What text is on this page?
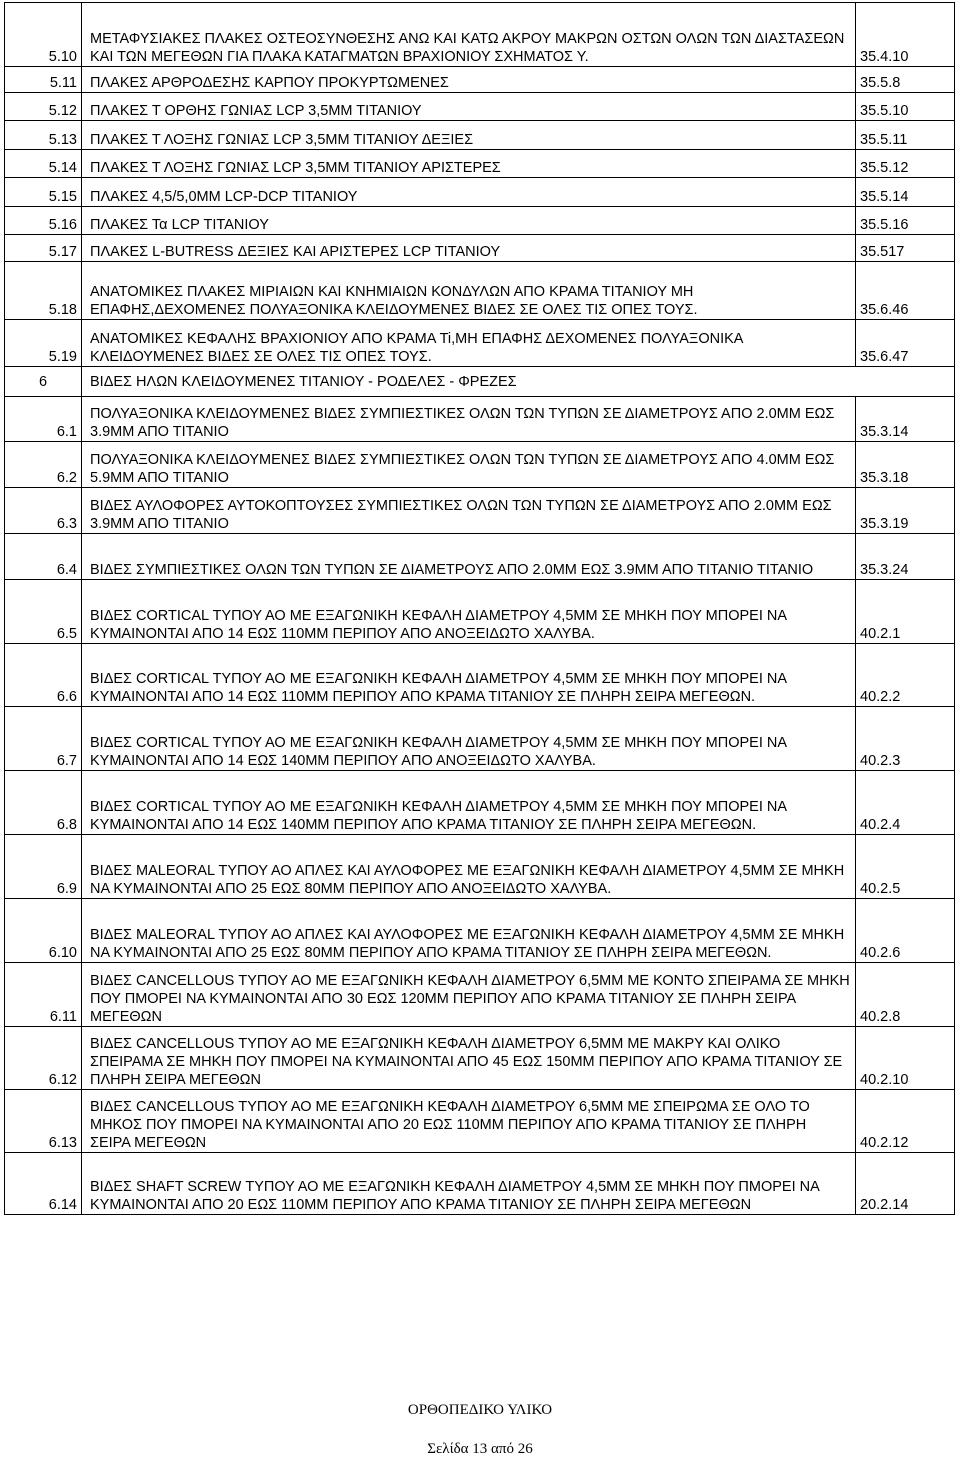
5.10	ΜΕΤΑΦΥΣΙΑΚΕΣ ΠΛΑΚΕΣ ΟΣΤΕΟΣΥΝΘΕΣΗΣ ΑΝΩ ΚΑΙ ΚΑΤΩ ΑΚΡΟΥ ΜΑΚΡΩΝ ΟΣΤΩΝ ΟΛΩΝ ΤΩΝ ΔΙΑΣΤΑΣΕΩΝ ΚΑΙ ΤΩΝ ΜΕΓΕΘΩΝ ΓΙΑ ΠΛΑΚΑ ΚΑΤΑΓΜΑΤΩΝ ΒΡΑΧΙΟΝΙΟΥ ΣΧΗΜΑΤΟΣ Υ.	35.4.10
5.11	ΠΛΑΚΕΣ ΑΡΘΡΟΔΕΣΗΣ ΚΑΡΠΟΥ ΠΡΟΚΥΡΤΩΜΕΝΕΣ	35.5.8
5.12	ΠΛΑΚΕΣ Τ ΟΡΘΗΣ ΓΩΝΙΑΣ LCP 3,5ΜΜ ΤΙΤΑΝΙΟΥ	35.5.10
5.13	ΠΛΑΚΕΣ Τ ΛΟΞΗΣ ΓΩΝΙΑΣ LCP 3,5ΜΜ ΤΙΤΑΝΙΟΥ ΔΕΞΙΕΣ	35.5.11
5.14	ΠΛΑΚΕΣ Τ ΛΟΞΗΣ ΓΩΝΙΑΣ LCP 3,5ΜΜ ΤΙΤΑΝΙΟΥ ΑΡΙΣΤΕΡΕΣ	35.5.12
5.15	ΠΛΑΚΕΣ 4,5/5,0ΜΜ LCP-DCP ΤΙΤΑΝΙΟΥ	35.5.14
5.16	ΠΛΑΚΕΣ Τα LCP ΤΙΤΑΝΙΟΥ	35.5.16
5.17	ΠΛΑΚΕΣ L-BUTRESS ΔΕΞΙΕΣ ΚΑΙ ΑΡΙΣΤΕΡΕΣ LCP ΤΙΤΑΝΙΟΥ	35.517
5.18	ΑΝΑΤΟΜΙΚΕΣ ΠΛΑΚΕΣ ΜΙΡΙΑΙΩΝ ΚΑΙ ΚΝΗΜΙΑΙΩΝ ΚΟΝΔΥΛΩΝ ΑΠΟ ΚΡΑΜΑ ΤΙΤΑΝΙΟΥ ΜΗ ΕΠΑΦΗΣ,ΔΕΧΟΜΕΝΕΣ ΠΟΛΥΑΞΟΝΙΚΑ ΚΛΕΙΔΟΥΜΕΝΕΣ ΒΙΔΕΣ ΣΕ ΟΛΕΣ ΤΙΣ ΟΠΕΣ ΤΟΥΣ.	35.6.46
5.19	ΑΝΑΤΟΜΙΚΕΣ ΚΕΦΑΛΗΣ ΒΡΑΧΙΟΝΙΟΥ ΑΠΟ ΚΡΑΜΑ Ti,ΜΗ ΕΠΑΦΗΣ ΔΕΧΟΜΕΝΕΣ ΠΟΛΥΑΞΟΝΙΚΑ ΚΛΕΙΔΟΥΜΕΝΕΣ ΒΙΔΕΣ ΣΕ ΟΛΕΣ ΤΙΣ ΟΠΕΣ ΤΟΥΣ.	35.6.47
6	ΒΙΔΕΣ ΗΛΩΝ ΚΛΕΙΔΟΥΜΕΝΕΣ ΤΙΤΑΝΙΟΥ - ΡΟΔΕΛΕΣ - ΦΡΕΖΕΣ	
6.1	ΠΟΛΥΑΞΟΝΙΚΑ ΚΛΕΙΔΟΥΜΕΝΕΣ ΒΙΔΕΣ ΣΥΜΠΙΕΣΤΙΚΕΣ ΟΛΩΝ ΤΩΝ ΤΥΠΩΝ ΣΕ ΔΙΑΜΕΤΡΟΥΣ ΑΠΟ 2.0ΜΜ ΕΩΣ 3.9ΜΜ ΑΠΟ ΤΙΤΑΝΙΟ	35.3.14
6.2	ΠΟΛΥΑΞΟΝΙΚΑ ΚΛΕΙΔΟΥΜΕΝΕΣ ΒΙΔΕΣ ΣΥΜΠΙΕΣΤΙΚΕΣ ΟΛΩΝ ΤΩΝ ΤΥΠΩΝ ΣΕ ΔΙΑΜΕΤΡΟΥΣ ΑΠΟ 4.0ΜΜ ΕΩΣ 5.9ΜΜ ΑΠΟ ΤΙΤΑΝΙΟ	35.3.18
6.3	ΒΙΔΕΣ ΑΥΛΟΦΟΡΕΣ ΑΥΤΟΚΟΠΤΟΥΣΕΣ ΣΥΜΠΙΕΣΤΙΚΕΣ ΟΛΩΝ ΤΩΝ ΤΥΠΩΝ ΣΕ ΔΙΑΜΕΤΡΟΥΣ ΑΠΟ 2.0ΜΜ ΕΩΣ 3.9ΜΜ ΑΠΟ ΤΙΤΑΝΙΟ	35.3.19
6.4	ΒΙΔΕΣ ΣΥΜΠΙΕΣΤΙΚΕΣ ΟΛΩΝ ΤΩΝ ΤΥΠΩΝ ΣΕ ΔΙΑΜΕΤΡΟΥΣ ΑΠΟ 2.0ΜΜ ΕΩΣ 3.9ΜΜ ΑΠΟ ΤΙΤΑΝΙΟ ΤΙΤΑΝΙΟ	35.3.24
6.5	ΒΙΔΕΣ CORTICAL ΤΥΠΟΥ ΑΟ ΜΕ ΕΞΑΓΩΝΙΚΗ ΚΕΦΑΛΗ ΔΙΑΜΕΤΡΟΥ 4,5ΜΜ ΣΕ ΜΗΚΗ ΠΟΥ ΜΠΟΡΕΙ ΝΑ ΚΥΜΑΙΝΟΝΤΑΙ ΑΠΟ 14 ΕΩΣ 110ΜΜ ΠΕΡΙΠΟΥ ΑΠΟ ΑΝΟΞΕΙΔΩΤΟ ΧΑΛΥΒΑ.	40.2.1
6.6	ΒΙΔΕΣ CORTICAL ΤΥΠΟΥ ΑΟ ΜΕ ΕΞΑΓΩΝΙΚΗ ΚΕΦΑΛΗ ΔΙΑΜΕΤΡΟΥ 4,5ΜΜ ΣΕ ΜΗΚΗ ΠΟΥ ΜΠΟΡΕΙ ΝΑ ΚΥΜΑΙΝΟΝΤΑΙ ΑΠΟ 14 ΕΩΣ 110ΜΜ ΠΕΡΙΠΟΥ ΑΠΟ ΚΡΑΜΑ ΤΙΤΑΝΙΟΥ ΣΕ ΠΛΗΡΗ ΣΕΙΡΑ ΜΕΓΕΘΩΝ.	40.2.2
6.7	ΒΙΔΕΣ CORTICAL ΤΥΠΟΥ ΑΟ ΜΕ ΕΞΑΓΩΝΙΚΗ ΚΕΦΑΛΗ ΔΙΑΜΕΤΡΟΥ 4,5ΜΜ ΣΕ ΜΗΚΗ ΠΟΥ ΜΠΟΡΕΙ ΝΑ ΚΥΜΑΙΝΟΝΤΑΙ ΑΠΟ 14 ΕΩΣ 140ΜΜ ΠΕΡΙΠΟΥ ΑΠΟ ΑΝΟΞΕΙΔΩΤΟ ΧΑΛΥΒΑ.	40.2.3
6.8	ΒΙΔΕΣ CORTICAL ΤΥΠΟΥ ΑΟ ΜΕ ΕΞΑΓΩΝΙΚΗ ΚΕΦΑΛΗ ΔΙΑΜΕΤΡΟΥ 4,5ΜΜ ΣΕ ΜΗΚΗ ΠΟΥ ΜΠΟΡΕΙ ΝΑ ΚΥΜΑΙΝΟΝΤΑΙ ΑΠΟ 14 ΕΩΣ 140ΜΜ ΠΕΡΙΠΟΥ ΑΠΟ ΚΡΑΜΑ ΤΙΤΑΝΙΟΥ ΣΕ ΠΛΗΡΗ ΣΕΙΡΑ ΜΕΓΕΘΩΝ.	40.2.4
6.9	ΒΙΔΕΣ MALEORAL ΤΥΠΟΥ ΑΟ ΑΠΛΕΣ ΚΑΙ ΑΥΛΟΦΟΡΕΣ ΜΕ ΕΞΑΓΩΝΙΚΗ ΚΕΦΑΛΗ ΔΙΑΜΕΤΡΟΥ 4,5ΜΜ ΣΕ ΜΗΚΗ ΝΑ ΚΥΜΑΙΝΟΝΤΑΙ ΑΠΟ 25 ΕΩΣ 80ΜΜ ΠΕΡΙΠΟΥ ΑΠΟ ΑΝΟΞΕΙΔΩΤΟ ΧΑΛΥΒΑ.	40.2.5
6.10	ΒΙΔΕΣ MALEORAL ΤΥΠΟΥ ΑΟ ΑΠΛΕΣ ΚΑΙ ΑΥΛΟΦΟΡΕΣ ΜΕ ΕΞΑΓΩΝΙΚΗ ΚΕΦΑΛΗ ΔΙΑΜΕΤΡΟΥ 4,5ΜΜ ΣΕ ΜΗΚΗ ΝΑ ΚΥΜΑΙΝΟΝΤΑΙ ΑΠΟ 25 ΕΩΣ 80ΜΜ ΠΕΡΙΠΟΥ ΑΠΟ ΚΡΑΜΑ ΤΙΤΑΝΙΟΥ ΣΕ ΠΛΗΡΗ ΣΕΙΡΑ ΜΕΓΕΘΩΝ.	40.2.6
6.11	ΒΙΔΕΣ CANCELLOUS ΤΥΠΟΥ ΑΟ ΜΕ ΕΞΑΓΩΝΙΚΗ ΚΕΦΑΛΗ ΔΙΑΜΕΤΡΟΥ 6,5ΜΜ ΜΕ ΚΟΝΤΟ ΣΠΕΙΡΑΜΑ ΣΕ ΜΗΚΗ ΠΟΥ ΠΜΟΡΕΙ ΝΑ ΚΥΜΑΙΝΟΝΤΑΙ ΑΠΟ 30 ΕΩΣ 120ΜΜ ΠΕΡΙΠΟΥ ΑΠΟ ΚΡΑΜΑ ΤΙΤΑΝΙΟΥ ΣΕ ΠΛΗΡΗ ΣΕΙΡΑ ΜΕΓΕΘΩΝ	40.2.8
6.12	ΒΙΔΕΣ CANCELLOUS ΤΥΠΟΥ ΑΟ ΜΕ ΕΞΑΓΩΝΙΚΗ ΚΕΦΑΛΗ ΔΙΑΜΕΤΡΟΥ 6,5ΜΜ ΜΕ ΜΑΚΡΥ ΚΑΙ ΟΛΙΚΟ ΣΠΕΙΡΑΜΑ ΣΕ ΜΗΚΗ ΠΟΥ ΠΜΟΡΕΙ ΝΑ ΚΥΜΑΙΝΟΝΤΑΙ ΑΠΟ 45 ΕΩΣ 150ΜΜ ΠΕΡΙΠΟΥ ΑΠΟ ΚΡΑΜΑ ΤΙΤΑΝΙΟΥ ΣΕ ΠΛΗΡΗ ΣΕΙΡΑ ΜΕΓΕΘΩΝ	40.2.10
6.13	ΒΙΔΕΣ CANCELLOUS ΤΥΠΟΥ ΑΟ ΜΕ ΕΞΑΓΩΝΙΚΗ ΚΕΦΑΛΗ ΔΙΑΜΕΤΡΟΥ 6,5ΜΜ ΜΕ ΣΠΕΙΡΩΜΑ ΣΕ ΟΛΟ ΤΟ ΜΗΚΟΣ ΠΟΥ ΠΜΟΡΕΙ ΝΑ ΚΥΜΑΙΝΟΝΤΑΙ ΑΠΟ 20 ΕΩΣ 110ΜΜ ΠΕΡΙΠΟΥ ΑΠΟ ΚΡΑΜΑ ΤΙΤΑΝΙΟΥ ΣΕ ΠΛΗΡΗ ΣΕΙΡΑ ΜΕΓΕΘΩΝ	40.2.12
6.14	ΒΙΔΕΣ SHAFT SCREW ΤΥΠΟΥ ΑΟ ΜΕ ΕΞΑΓΩΝΙΚΗ ΚΕΦΑΛΗ ΔΙΑΜΕΤΡΟΥ 4,5ΜΜ ΣΕ ΜΗΚΗ ΠΟΥ ΠΜΟΡΕΙ ΝΑ ΚΥΜΑΙΝΟΝΤΑΙ ΑΠΟ 20 ΕΩΣ 110ΜΜ ΠΕΡΙΠΟΥ ΑΠΟ ΚΡΑΜΑ ΤΙΤΑΝΙΟΥ ΣΕ ΠΛΗΡΗ ΣΕΙΡΑ ΜΕΓΕΘΩΝ	20.2.14
ΟΡΘΟΠΕΔΙΚΟ ΥΛΙΚΟ
Σελίδα 13 από 26
